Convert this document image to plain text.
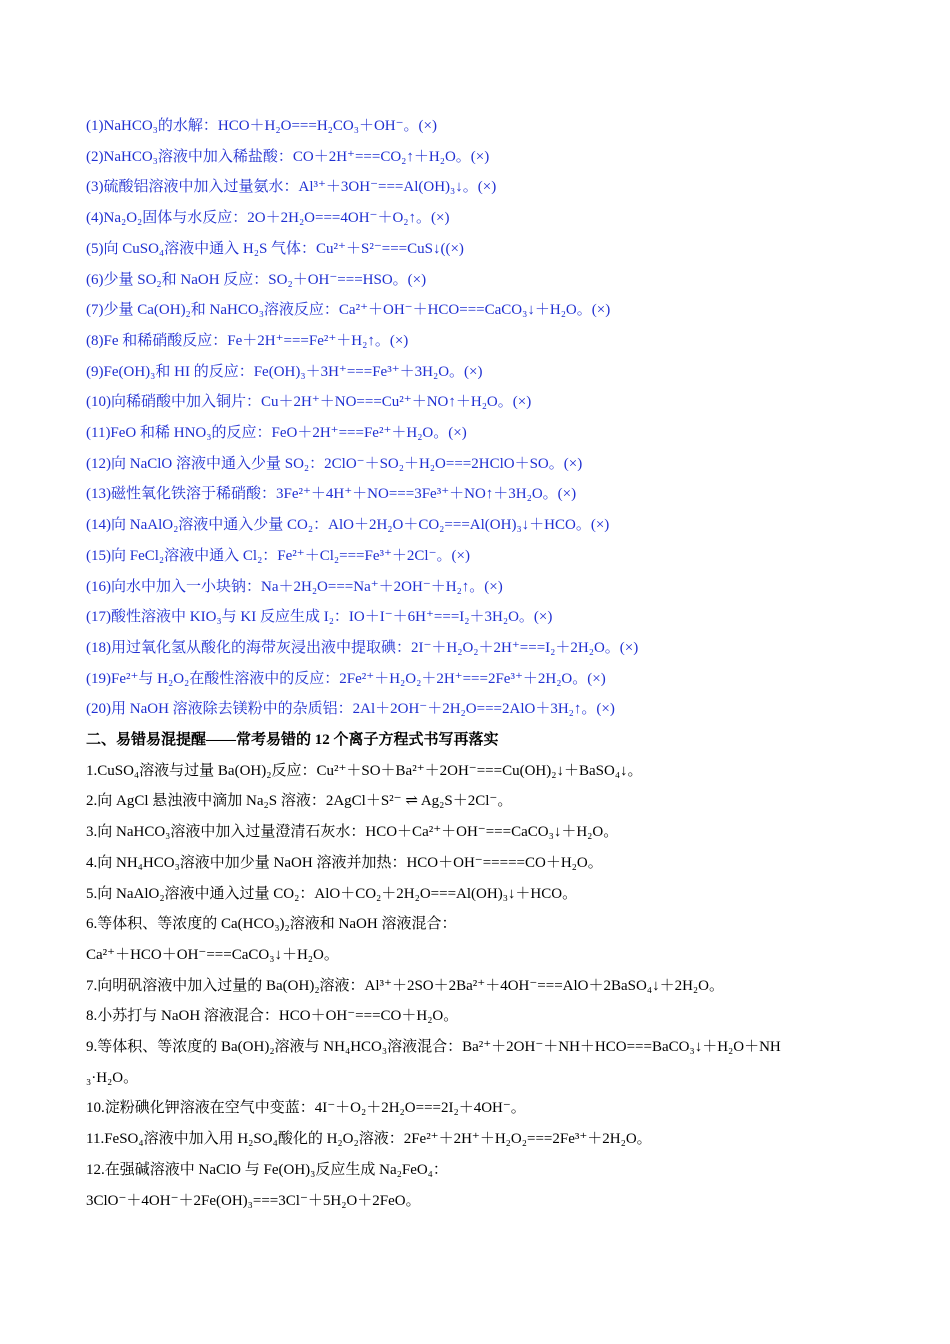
(1)NaHCO₃的水解：HCO＋H₂O===H₂CO₃＋OH⁻。(×)
(2)NaHCO₃溶液中加入稀盐酸：CO＋2H⁺===CO₂↑＋H₂O。(×)
(3)硫酸铝溶液中加入过量氨水：Al³⁺＋3OH⁻===Al(OH)₃↓。(×)
(4)Na₂O₂固体与水反应：2O＋2H₂O===4OH⁻＋O₂↑。(×)
(5)向 CuSO₄溶液中通入 H₂S 气体：Cu²⁺＋S²⁻===CuS↓((×)
(6)少量 SO₂和 NaOH 反应：SO₂＋OH⁻===HSO。(×)
(7)少量 Ca(OH)₂和 NaHCO₃溶液反应：Ca²⁺＋OH⁻＋HCO===CaCO₃↓＋H₂O。(×)
(8)Fe 和稀硝酸反应：Fe＋2H⁺===Fe²⁺＋H₂↑。(×)
(9)Fe(OH)₃和 HI 的反应：Fe(OH)₃＋3H⁺===Fe³⁺＋3H₂O。(×)
(10)向稀硝酸中加入铜片：Cu＋2H⁺＋NO===Cu²⁺＋NO↑＋H₂O。(×)
(11)FeO 和稀 HNO₃的反应：FeO＋2H⁺===Fe²⁺＋H₂O。(×)
(12)向 NaClO 溶液中通入少量 SO₂：2ClO⁻＋SO₂＋H₂O===2HClO＋SO。(×)
(13)磁性氧化铁溶于稀硝酸：3Fe²⁺＋4H⁺＋NO===3Fe³⁺＋NO↑＋3H₂O。(×)
(14)向 NaAlO₂溶液中通入少量 CO₂：AlO＋2H₂O＋CO₂===Al(OH)₃↓＋HCO。(×)
(15)向 FeCl₂溶液中通入 Cl₂：Fe²⁺＋Cl₂===Fe³⁺＋2Cl⁻。(×)
(16)向水中加入一小块钠：Na＋2H₂O===Na⁺＋2OH⁻＋H₂↑。(×)
(17)酸性溶液中 KIO₃与 KI 反应生成 I₂：IO＋I⁻＋6H⁺===I₂＋3H₂O。(×)
(18)用过氧化氢从酸化的海带灰浸出液中提取碘：2I⁻＋H₂O₂＋2H⁺===I₂＋2H₂O。(×)
(19)Fe²⁺与 H₂O₂在酸性溶液中的反应：2Fe²⁺＋H₂O₂＋2H⁺===2Fe³⁺＋2H₂O。(×)
(20)用 NaOH 溶液除去镁粉中的杂质铝：2Al＋2OH⁻＋2H₂O===2AlO＋3H₂↑。(×)
二、易错易混提醒——常考易错的 12 个离子方程式书写再落实
1.CuSO₄溶液与过量 Ba(OH)₂反应：Cu²⁺＋SO＋Ba²⁺＋2OH⁻===Cu(OH)₂↓＋BaSO₄↓。
2.向 AgCl 悬浊液中滴加 Na₂S 溶液：2AgCl＋S²⁻ ⇌ Ag₂S＋2Cl⁻。
3.向 NaHCO₃溶液中加入过量澄清石灰水：HCO＋Ca²⁺＋OH⁻===CaCO₃↓＋H₂O。
4.向 NH₄HCO₃溶液中加少量 NaOH 溶液并加热：HCO＋OH⁻=====CO＋H₂O。
5.向 NaAlO₂溶液中通入过量 CO₂：AlO＋CO₂＋2H₂O===Al(OH)₃↓＋HCO。
6.等体积、等浓度的 Ca(HCO₃)₂溶液和 NaOH 溶液混合：
Ca²⁺＋HCO＋OH⁻===CaCO₃↓＋H₂O。
7.向明矾溶液中加入过量的 Ba(OH)₂溶液：Al³⁺＋2SO＋2Ba²⁺＋4OH⁻===AlO＋2BaSO₄↓＋2H₂O。
8.小苏打与 NaOH 溶液混合：HCO＋OH⁻===CO＋H₂O。
9.等体积、等浓度的 Ba(OH)₂溶液与 NH₄HCO₃溶液混合：Ba²⁺＋2OH⁻＋NH＋HCO===BaCO₃↓＋H₂O＋NH
₃·H₂O。
10.淀粉碘化钾溶液在空气中变蓝：4I⁻＋O₂＋2H₂O===2I₂＋4OH⁻。
11.FeSO₄溶液中加入用 H₂SO₄酸化的 H₂O₂溶液：2Fe²⁺＋2H⁺＋H₂O₂===2Fe³⁺＋2H₂O。
12.在强碱溶液中 NaClO 与 Fe(OH)₃反应生成 Na₂FeO₄：
3ClO⁻＋4OH⁻＋2Fe(OH)₃===3Cl⁻＋5H₂O＋2FeO。
